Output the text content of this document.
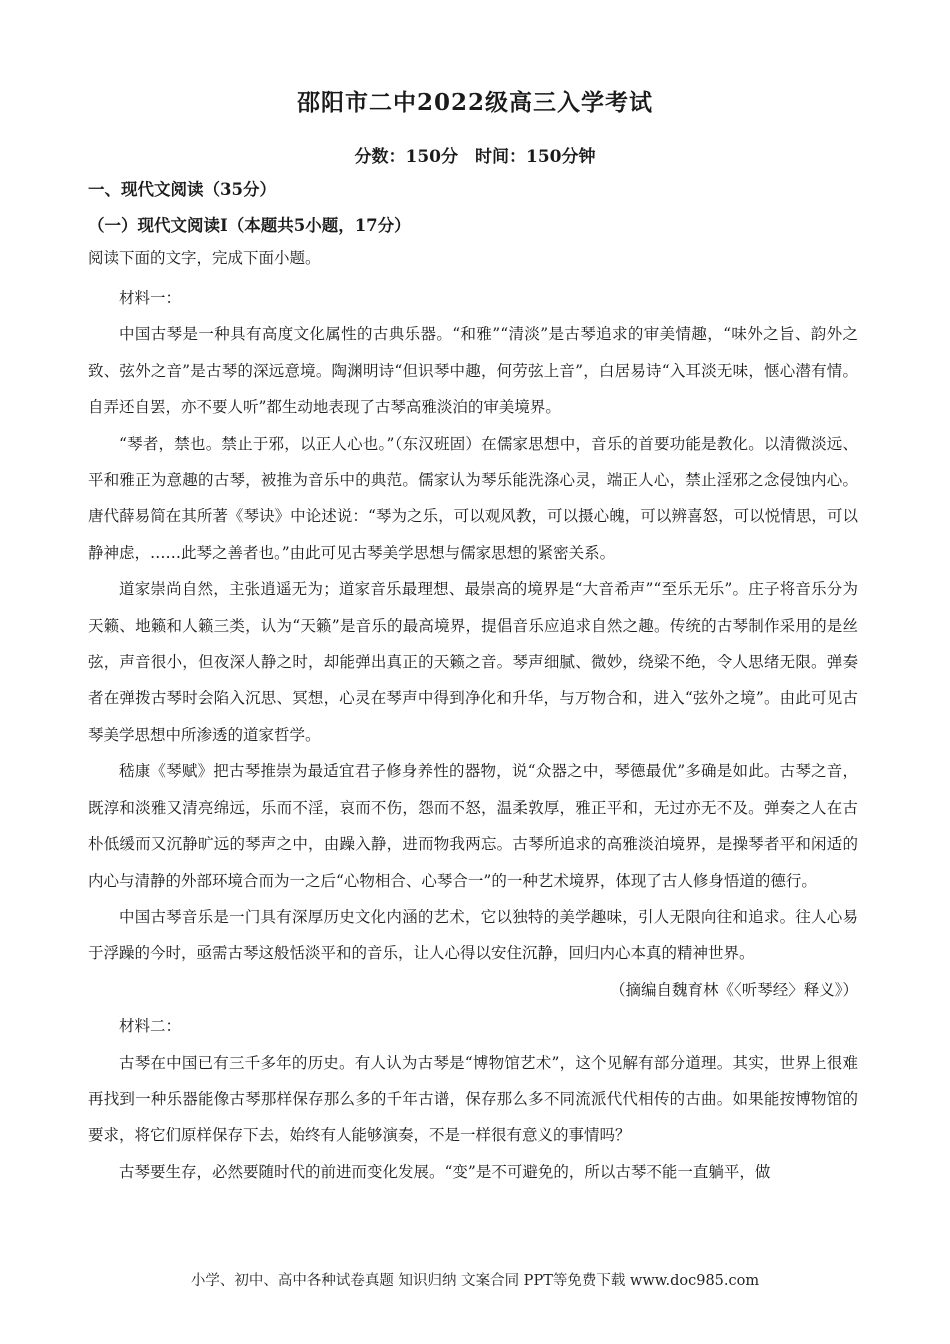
邵阳市二中2022级高三入学考试
分数：150分　时间：150分钟
一、现代文阅读（35分）
（一）现代文阅读Ⅰ（本题共5小题，17分）
阅读下面的文字，完成下面小题。

材料一：

中国古琴是一种具有高度文化属性的古典乐器。“和雅”“清淡”是古琴追求的审美情趣，“味外之旨、韵外之致、弦外之音”是古琴的深远意境。陶渊明诗“但识琴中趣，何劳弦上音”，白居易诗“入耳淡无味，惬心潜有情。自弄还自罢，亦不要人听”都生动地表现了古琴高雅淡泊的审美境界。

“琴者，禁也。禁止于邪，以正人心也。”（东汉班固）在儒家思想中，音乐的首要功能是教化。以清微淡远、平和雅正为意趣的古琴，被推为音乐中的典范。儒家认为琴乐能洗涤心灵，端正人心，禁止淫邪之念侵蚀内心。唐代薛易简在其所著《琴诀》中论述说：“琴为之乐，可以观风教，可以摄心魄，可以辨喜怒，可以悦情思，可以静神虑，……此琴之善者也。”由此可见古琴美学思想与儒家思想的紧密关系。

道家崇尚自然，主张逍遥无为；道家音乐最理想、最崇高的境界是“大音希声”“至乐无乐”。庄子将音乐分为天籁、地籁和人籁三类，认为“天籁”是音乐的最高境界，提倡音乐应追求自然之趣。传统的古琴制作采用的是丝弦，声音很小，但夜深人静之时，却能弹出真正的天籁之音。琴声细腻、微妙，绕梁不绝，令人思绪无限。弹奏者在弹拨古琴时会陷入沉思、冥想，心灵在琴声中得到净化和升华，与万物合和，进入“弦外之境”。由此可见古琴美学思想中所渗透的道家哲学。

嵇康《琴赋》把古琴推崇为最适宜君子修身养性的器物，说“众器之中，琴德最优”多确是如此。古琴之音，既淳和淡雅又清亮绵远，乐而不淫，哀而不伤，怨而不怒，温柔敦厚，雅正平和，无过亦无不及。弹奏之人在古朴低缓而又沉静旷远的琴声之中，由躁入静，进而物我两忘。古琴所追求的高雅淡泊境界，是操琴者平和闲适的内心与清静的外部环境合而为一之后“心物相合、心琴合一”的一种艺术境界，体现了古人修身悟道的德行。

中国古琴音乐是一门具有深厚历史文化内涵的艺术，它以独特的美学趣味，引人无限向往和追求。往人心易于浮躁的今时，亟需古琴这般恬淡平和的音乐，让人心得以安住沉静，回归内心本真的精神世界。

（摘编自魏育林《〈听琴经〉释义》）

材料二：

古琴在中国已有三千多年的历史。有人认为古琴是“博物馆艺术”，这个见解有部分道理。其实，世界上很难再找到一种乐器能像古琴那样保存那么多的千年古谱，保存那么多不同流派代代相传的古曲。如果能按博物馆的要求，将它们原样保存下去，始终有人能够演奏，不是一样很有意义的事情吗？

古琴要生存，必然要随时代的前进而变化发展。“变”是不可避免的，所以古琴不能一直躺平，做

小学、初中、高中各种试卷真题 知识归纳 文案合同 PPT等免费下载 www.doc985.com
